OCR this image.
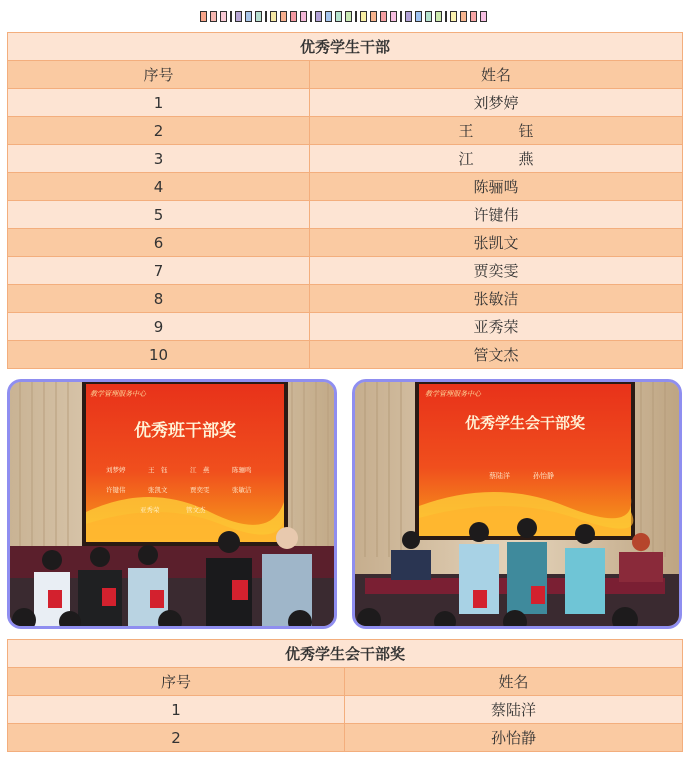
优秀学生干部	
序号	姓名
1	刘梦婷
2	王　　　钰
3	江　　　燕
4	陈骊鸣
5	许键伟
6	张凯文
7	贾奕雯
8	张敏洁
9	亚秀荣
10	管文杰
教学管理服务中心
优秀班干部奖
刘梦婷	王　钰	江　燕	陈骊鸣
许键伟	张凯文	贾奕雯	张敏洁
亚秀荣	管文杰
教学管理服务中心
优秀学生会干部奖
蔡陆洋	孙怡静
优秀学生会干部奖	
序号	姓名
1	蔡陆洋
2	孙怡静
